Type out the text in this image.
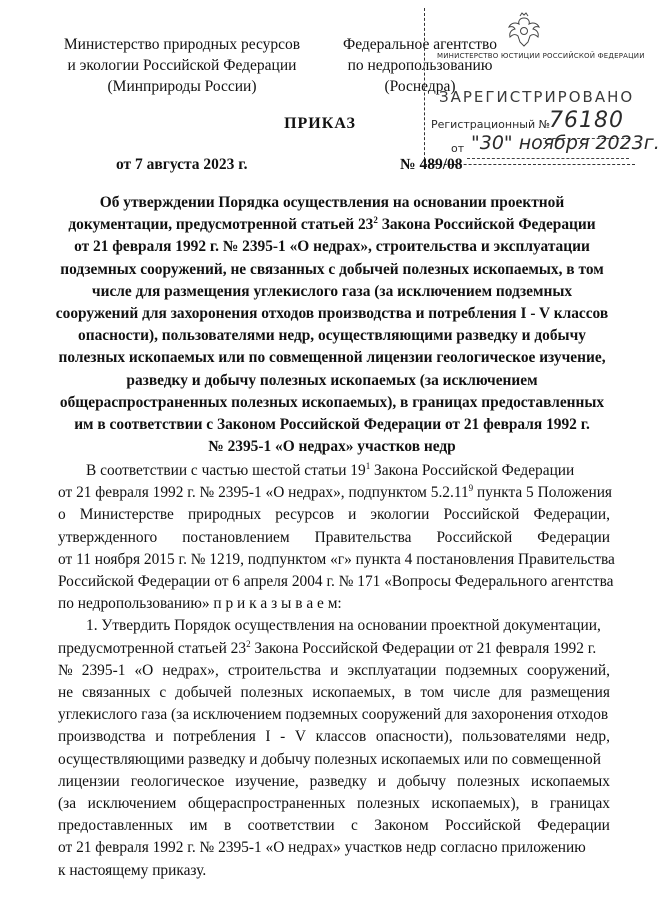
Министерство природных ресурсов
и экологии Российской Федерации
(Минприроды России)
Федеральное агентство
по недропользованию
(Роснедра)
МИНИСТЕРСТВО ЮСТИЦИИ РОССИЙСКОЙ ФЕДЕРАЦИИ
ЗАРЕГИСТРИРОВАНО
Регистрационный №
76180
от "30" ноября 2023г.
ПРИКАЗ
от 7 августа 2023 г.	№ 489/08
Об утверждении Порядка осуществления на основании проектной
документации, предусмотренной статьей $23^2$ Закона Российской Федерации
от 21 февраля 1992 г. № 2395-1 «О недрах», строительства и эксплуатации
подземных сооружений, не связанных с добычей полезных ископаемых, в том
числе для размещения углекислого газа (за исключением подземных
сооружений для захоронения отходов производства и потребления I - V классов
опасности), пользователями недр, осуществляющими разведку и добычу
полезных ископаемых или по совмещенной лицензии геологическое изучение,
разведку и добычу полезных ископаемых (за исключением
общераспространенных полезных ископаемых), в границах предоставленных
им в соответствии с Законом Российской Федерации от 21 февраля 1992 г.
№ 2395-1 «О недрах» участков недр
В соответствии с частью шестой статьи $19^1$ Закона Российской Федерации
от 21 февраля 1992 г. № 2395-1 «О недрах», подпунктом 5.2.11$^9$ пункта 5 Положения
о Министерстве природных ресурсов и экологии Российской Федерации,
утвержденного постановлением Правительства Российской Федерации
от 11 ноября 2015 г. № 1219, подпунктом «г» пункта 4 постановления Правительства
Российской Федерации от 6 апреля 2004 г. № 171 «Вопросы Федерального агентства
по недропользованию» п р и к а з ы в а е м:
1. Утвердить Порядок осуществления на основании проектной документации,
предусмотренной статьей $23^2$ Закона Российской Федерации от 21 февраля 1992 г.
№ 2395-1 «О недрах», строительства и эксплуатации подземных сооружений,
не связанных с добычей полезных ископаемых, в том числе для размещения
углекислого газа (за исключением подземных сооружений для захоронения отходов
производства и потребления I - V классов опасности), пользователями недр,
осуществляющими разведку и добычу полезных ископаемых или по совмещенной
лицензии геологическое изучение, разведку и добычу полезных ископаемых
(за исключением общераспространенных полезных ископаемых), в границах
предоставленных им в соответствии с Законом Российской Федерации
от 21 февраля 1992 г. № 2395-1 «О недрах» участков недр согласно приложению
к настоящему приказу.
